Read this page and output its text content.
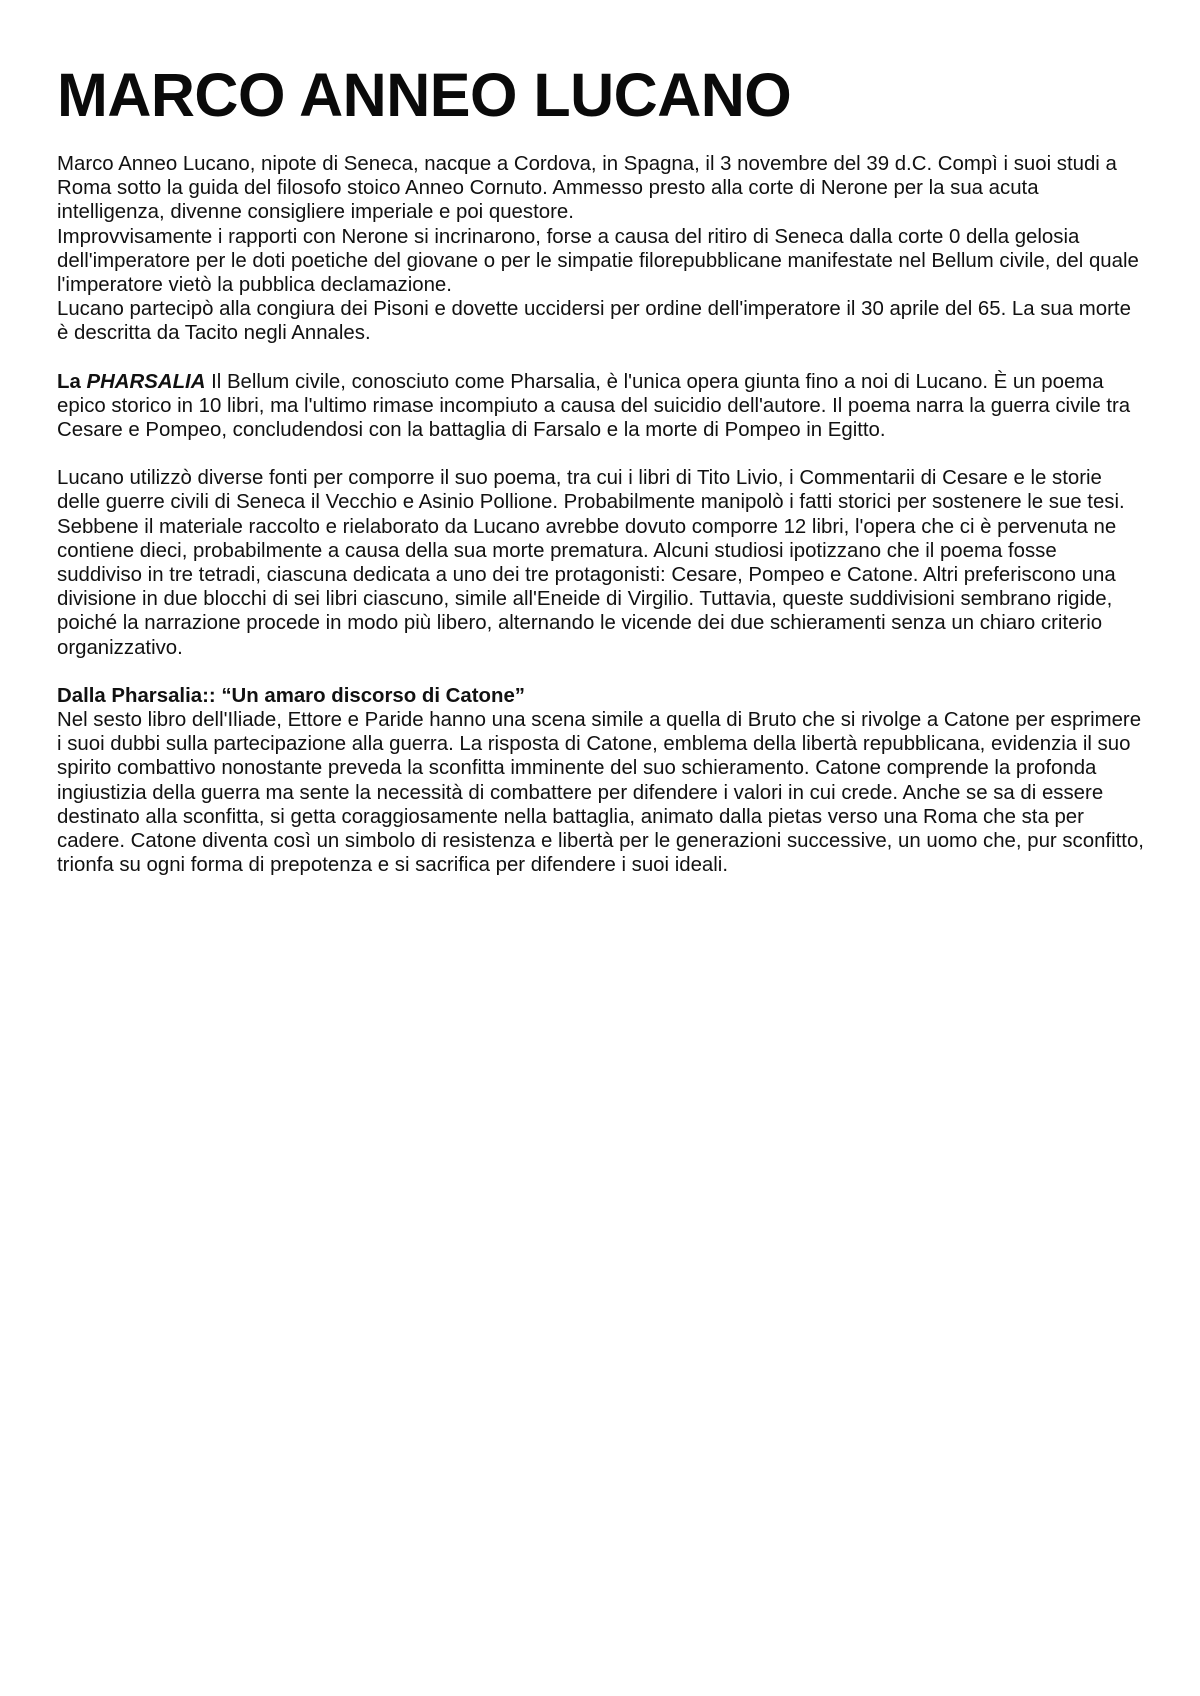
MARCO ANNEO LUCANO

Marco Anneo Lucano, nipote di Seneca, nacque a Cordova, in Spagna, il 3 novembre del 39 d.C. Compì i suoi studi a Roma sotto la guida del filosofo stoico Anneo Cornuto. Ammesso presto alla corte di Nerone per la sua acuta intelligenza, divenne consigliere imperiale e poi questore.

Improvvisamente i rapporti con Nerone si incrinarono, forse a causa del ritiro di Seneca dalla corte 0 della gelosia dell'imperatore per le doti poetiche del giovane o per le simpatie filorepubblicane manifestate nel Bellum civile, del quale l'imperatore vietò la pubblica declamazione.

Lucano partecipò alla congiura dei Pisoni e dovette uccidersi per ordine dell'imperatore il 30 aprile del 65. La sua morte è descritta da Tacito negli Annales.

La PHARSALIA Il Bellum civile, conosciuto come Pharsalia, è l'unica opera giunta fino a noi di Lucano. È un poema epico storico in 10 libri, ma l'ultimo rimase incompiuto a causa del suicidio dell'autore. Il poema narra la guerra civile tra Cesare e Pompeo, concludendosi con la battaglia di Farsalo e la morte di Pompeo in Egitto.

Lucano utilizzò diverse fonti per comporre il suo poema, tra cui i libri di Tito Livio, i Commentarii di Cesare e le storie delle guerre civili di Seneca il Vecchio e Asinio Pollione. Probabilmente manipolò i fatti storici per sostenere le sue tesi. Sebbene il materiale raccolto e rielaborato da Lucano avrebbe dovuto comporre 12 libri, l'opera che ci è pervenuta ne contiene dieci, probabilmente a causa della sua morte prematura. Alcuni studiosi ipotizzano che il poema fosse suddiviso in tre tetradi, ciascuna dedicata a uno dei tre protagonisti: Cesare, Pompeo e Catone. Altri preferiscono una divisione in due blocchi di sei libri ciascuno, simile all'Eneide di Virgilio. Tuttavia, queste suddivisioni sembrano rigide, poiché la narrazione procede in modo più libero, alternando le vicende dei due schieramenti senza un chiaro criterio organizzativo.

Dalla Pharsalia:: “Un amaro discorso di Catone”

Nel sesto libro dell'Iliade, Ettore e Paride hanno una scena simile a quella di Bruto che si rivolge a Catone per esprimere i suoi dubbi sulla partecipazione alla guerra. La risposta di Catone, emblema della libertà repubblicana, evidenzia il suo spirito combattivo nonostante preveda la sconfitta imminente del suo schieramento. Catone comprende la profonda ingiustizia della guerra ma sente la necessità di combattere per difendere i valori in cui crede. Anche se sa di essere destinato alla sconfitta, si getta coraggiosamente nella battaglia, animato dalla pietas verso una Roma che sta per cadere. Catone diventa così un simbolo di resistenza e libertà per le generazioni successive, un uomo che, pur sconfitto, trionfa su ogni forma di prepotenza e si sacrifica per difendere i suoi ideali.
